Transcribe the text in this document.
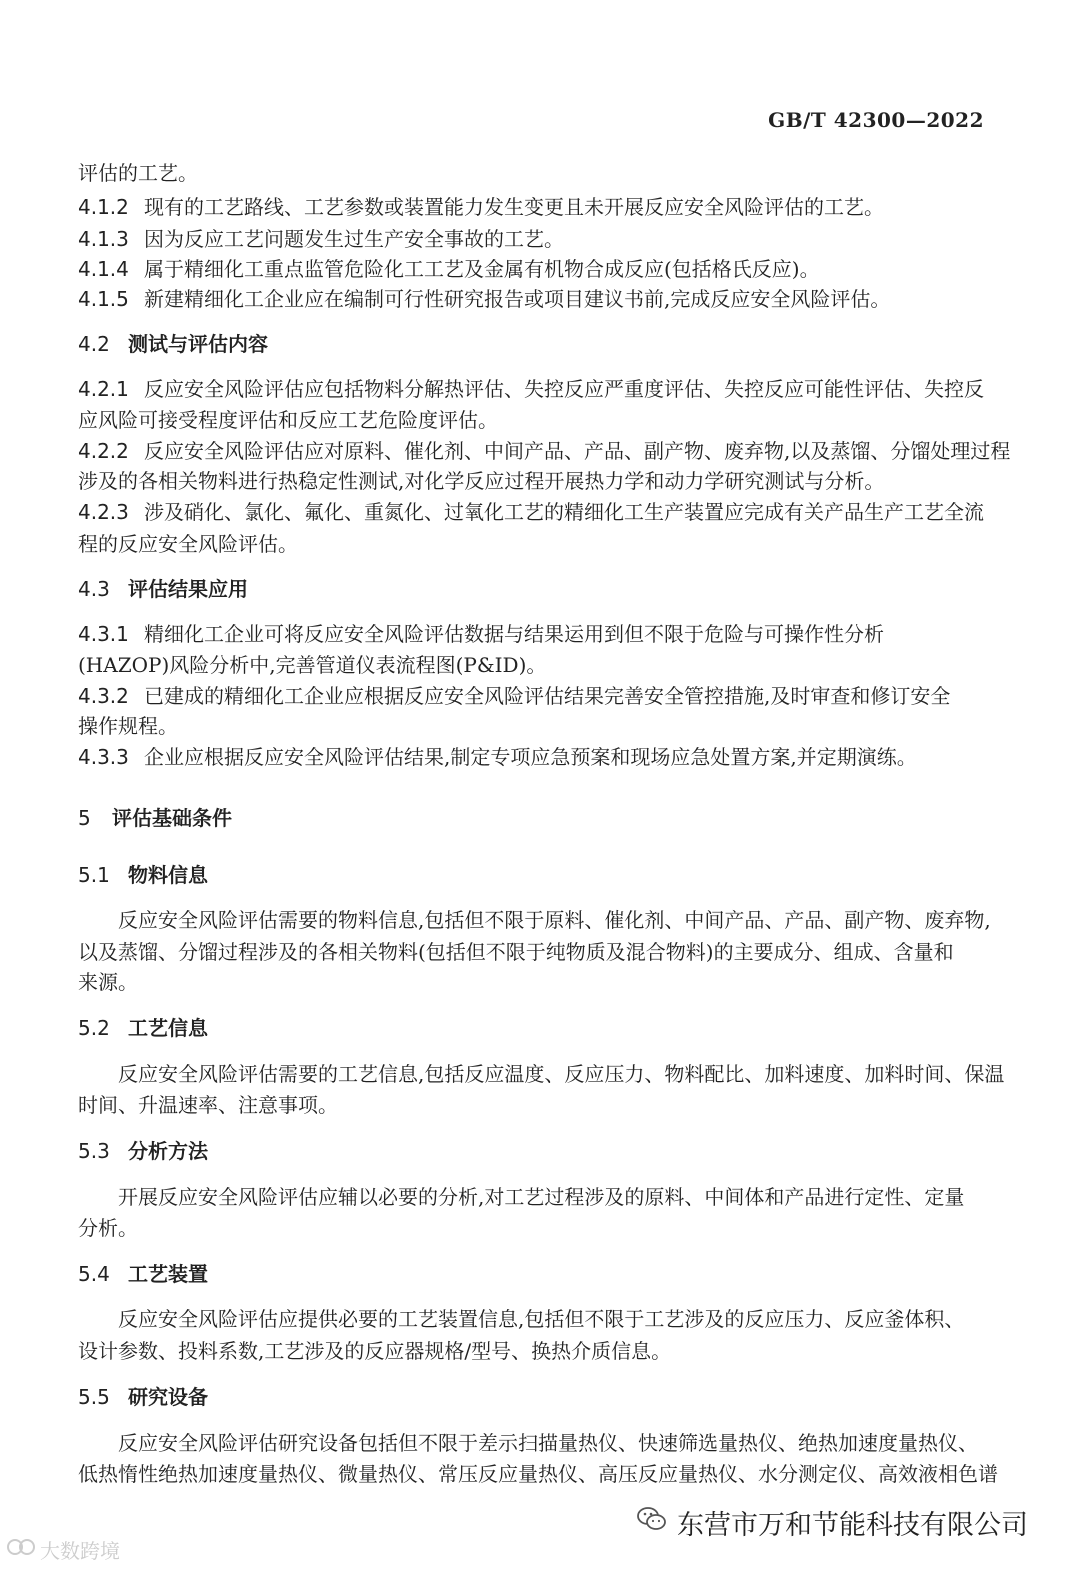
GB/T 42300—2022
评估的工艺。
4.1.2 现有的工艺路线、工艺参数或装置能力发生变更且未开展反应安全风险评估的工艺。
4.1.3 因为反应工艺问题发生过生产安全事故的工艺。
4.1.4 属于精细化工重点监管危险化工工艺及金属有机物合成反应(包括格氏反应)。
4.1.5 新建精细化工企业应在编制可行性研究报告或项目建议书前,完成反应安全风险评估。
4.2 测试与评估内容
4.2.1 反应安全风险评估应包括物料分解热评估、失控反应严重度评估、失控反应可能性评估、失控反
应风险可接受程度评估和反应工艺危险度评估。
4.2.2 反应安全风险评估应对原料、催化剂、中间产品、产品、副产物、废弃物,以及蒸馏、分馏处理过程
涉及的各相关物料进行热稳定性测试,对化学反应过程开展热力学和动力学研究测试与分析。
4.2.3 涉及硝化、氯化、氟化、重氮化、过氧化工艺的精细化工生产装置应完成有关产品生产工艺全流
程的反应安全风险评估。
4.3 评估结果应用
4.3.1 精细化工企业可将反应安全风险评估数据与结果运用到但不限于危险与可操作性分析
(HAZOP)风险分析中,完善管道仪表流程图(P&ID)。
4.3.2 已建成的精细化工企业应根据反应安全风险评估结果完善安全管控措施,及时审查和修订安全
操作规程。
4.3.3 企业应根据反应安全风险评估结果,制定专项应急预案和现场应急处置方案,并定期演练。
5 评估基础条件
5.1 物料信息
反应安全风险评估需要的物料信息,包括但不限于原料、催化剂、中间产品、产品、副产物、废弃物,
以及蒸馏、分馏过程涉及的各相关物料(包括但不限于纯物质及混合物料)的主要成分、组成、含量和
来源。
5.2 工艺信息
反应安全风险评估需要的工艺信息,包括反应温度、反应压力、物料配比、加料速度、加料时间、保温
时间、升温速率、注意事项。
5.3 分析方法
开展反应安全风险评估应辅以必要的分析,对工艺过程涉及的原料、中间体和产品进行定性、定量
分析。
5.4 工艺装置
反应安全风险评估应提供必要的工艺装置信息,包括但不限于工艺涉及的反应压力、反应釜体积、
设计参数、投料系数,工艺涉及的反应器规格/型号、换热介质信息。
5.5 研究设备
反应安全风险评估研究设备包括但不限于差示扫描量热仪、快速筛选量热仪、绝热加速度量热仪、
低热惰性绝热加速度量热仪、微量热仪、常压反应量热仪、高压反应量热仪、水分测定仪、高效液相色谱
东营市万和节能科技有限公司
大数跨境
